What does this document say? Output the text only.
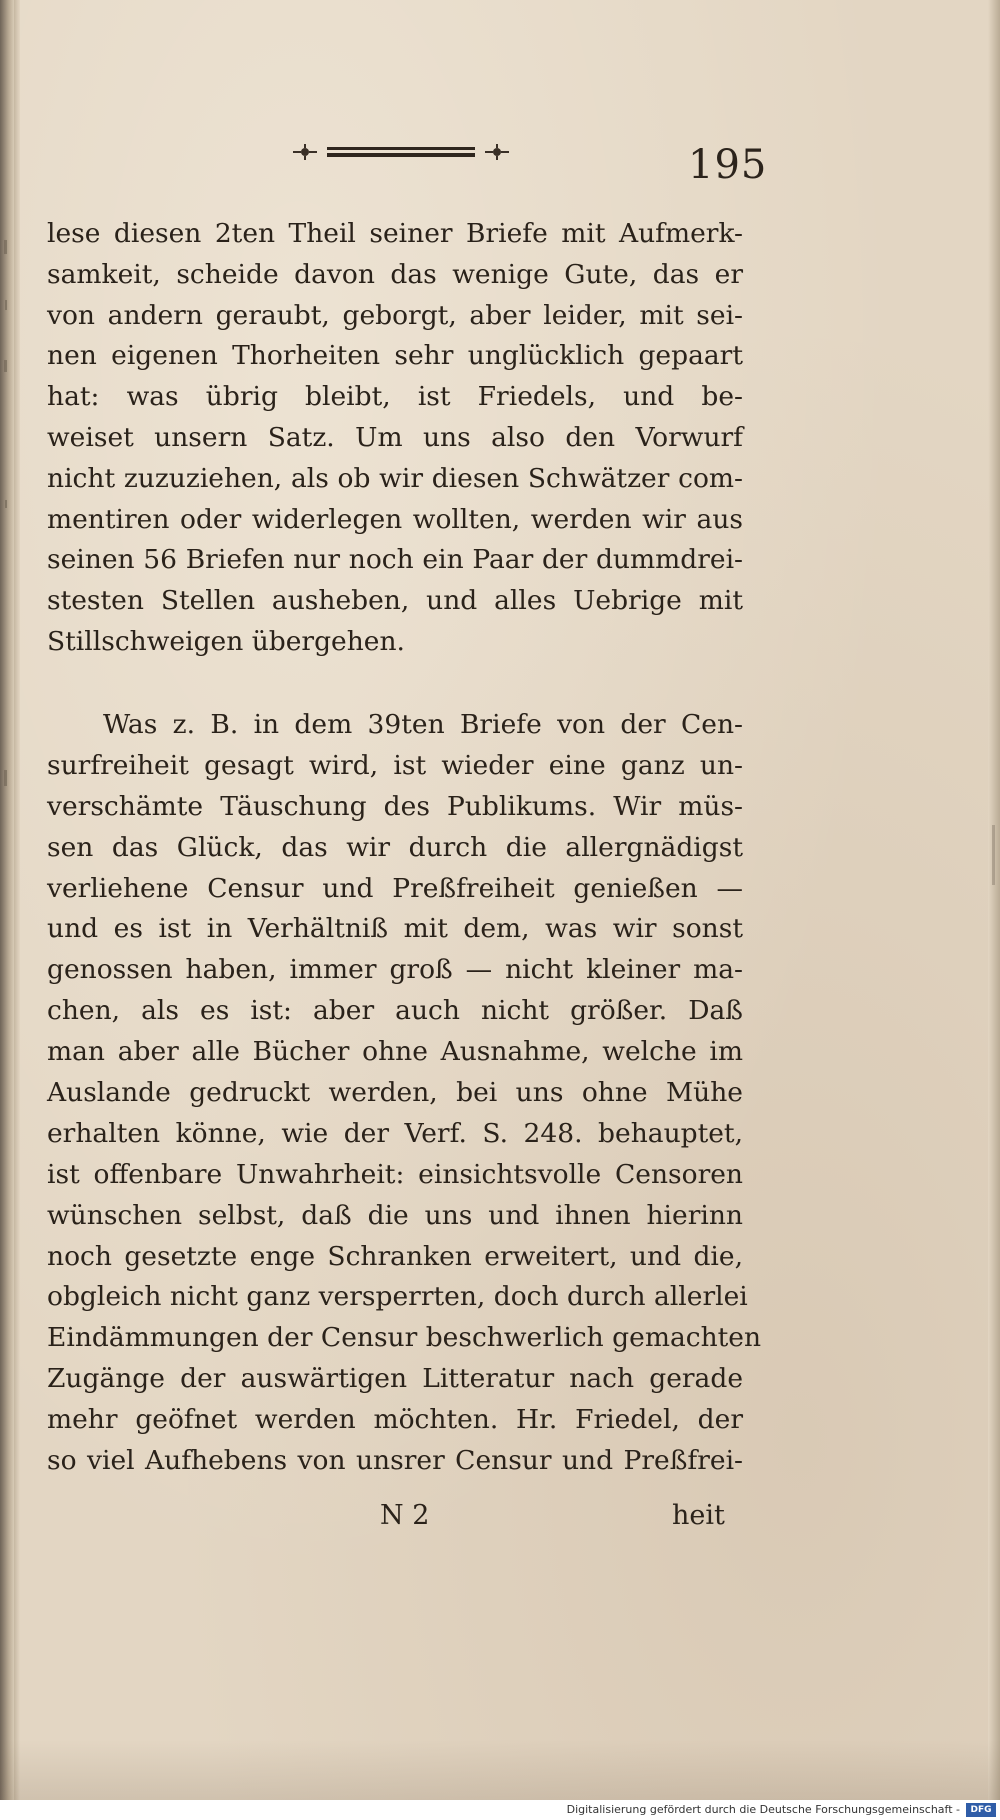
195
lese diesen 2ten Theil seiner Briefe mit Aufmerk-
samkeit, scheide davon das wenige Gute, das er
von andern geraubt, geborgt, aber leider, mit sei-
nen eigenen Thorheiten sehr unglücklich gepaart
hat: was übrig bleibt, ist Friedels, und be-
weiset unsern Satz. Um uns also den Vorwurf
nicht zuzuziehen, als ob wir diesen Schwätzer com-
mentiren oder widerlegen wollten, werden wir aus
seinen 56 Briefen nur noch ein Paar der dummdrei-
stesten Stellen ausheben, und alles Uebrige mit
Stillschweigen übergehen.
Was z. B. in dem 39ten Briefe von der Cen-
surfreiheit gesagt wird, ist wieder eine ganz un-
verschämte Täuschung des Publikums. Wir müs-
sen das Glück, das wir durch die allergnädigst
verliehene Censur und Preßfreiheit genießen —
und es ist in Verhältniß mit dem, was wir sonst
genossen haben, immer groß — nicht kleiner ma-
chen, als es ist: aber auch nicht größer. Daß
man aber alle Bücher ohne Ausnahme, welche im
Auslande gedruckt werden, bei uns ohne Mühe
erhalten könne, wie der Verf. S. 248. behauptet,
ist offenbare Unwahrheit: einsichtsvolle Censoren
wünschen selbst, daß die uns und ihnen hierinn
noch gesetzte enge Schranken erweitert, und die,
obgleich nicht ganz versperrten, doch durch allerlei
Eindämmungen der Censur beschwerlich gemachten
Zugänge der auswärtigen Litteratur nach gerade
mehr geöfnet werden möchten. Hr. Friedel, der
so viel Aufhebens von unsrer Censur und Preßfrei-
N 2	heit
Digitalisierung gefördert durch die Deutsche Forschungsgemeinschaft -	DFG
